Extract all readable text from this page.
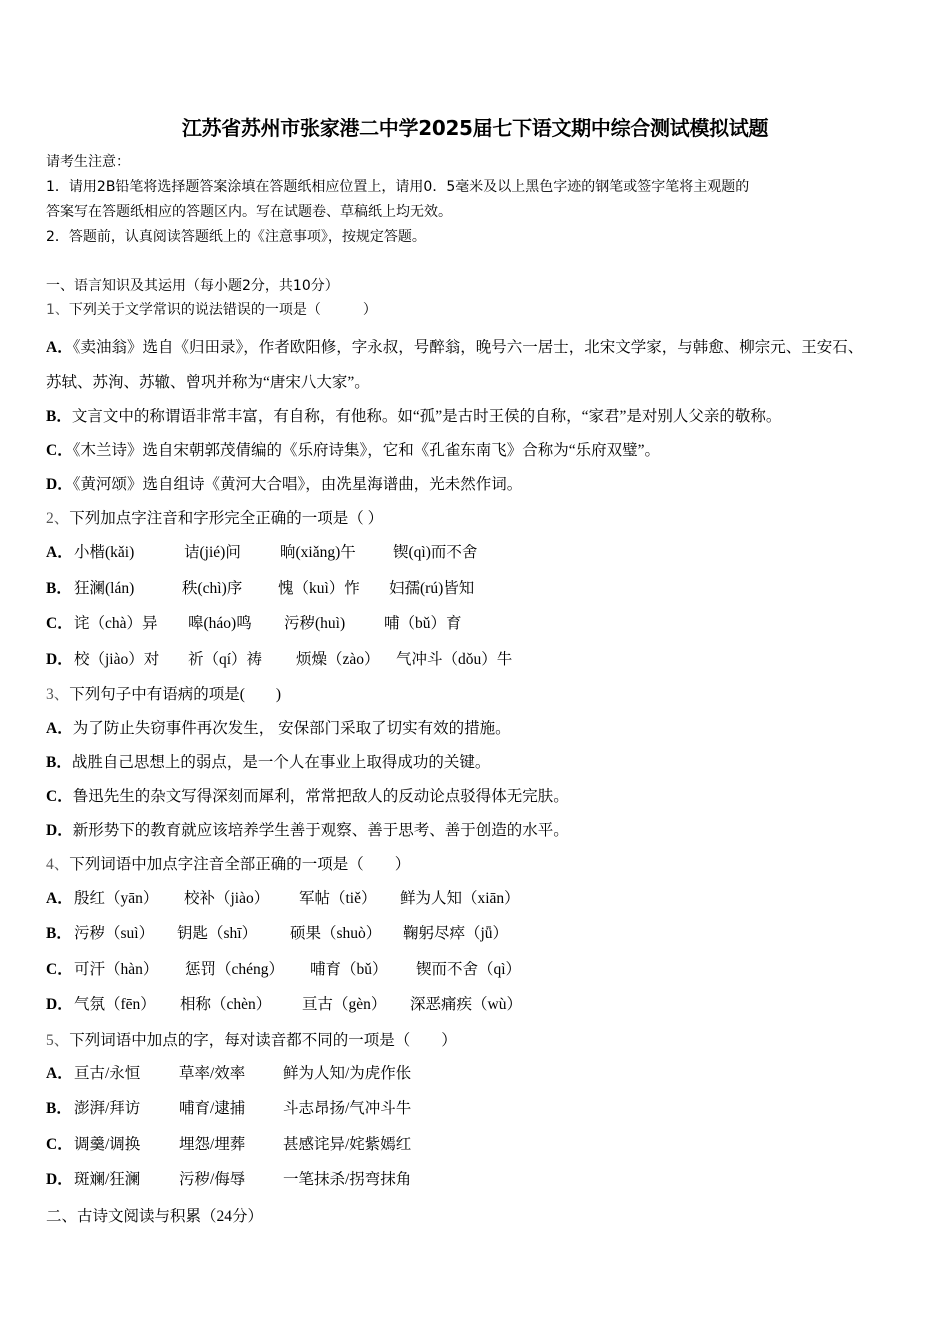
江苏省苏州市张家港二中学2025届七下语文期中综合测试模拟试题
请考生注意：
1．请用2B铅笔将选择题答案涂填在答题纸相应位置上，请用0．5毫米及以上黑色字迹的钢笔或签字笔将主观题的
答案写在答题纸相应的答题区内。写在试题卷、草稿纸上均无效。
2．答题前，认真阅读答题纸上的《注意事项》，按规定答题。
一、语言知识及其运用（每小题2分，共10分）
1、下列关于文学常识的说法错误的一项是（　　　）
A．《卖油翁》选自《归田录》，作者欧阳修，字永叔，号醉翁，晚号六一居士，北宋文学家，与韩愈、柳宗元、王安石、
苏轼、苏洵、苏辙、曾巩并称为“唐宋八大家”。
B．文言文中的称谓语非常丰富，有自称，有他称。如“孤”是古时王侯的自称，“家君”是对别人父亲的敬称。
C．《木兰诗》选自宋朝郭茂倩编的《乐府诗集》，它和《孔雀东南飞》合称为“乐府双璧”。
D．《黄河颂》选自组诗《黄河大合唱》，由冼星海谱曲，光未然作词。
2、下列加点字注音和字形完全正确的一项是（ ）
A． 小楷(kǎi)	诘(jié)问	晌(xiǎng)午 锲(qì)而不舍
B． 狂澜(lán)	秩(chì)序 愧（kuì）怍 妇孺(rú)皆知
C． 诧（chà）异 嗥(háo)鸣 污秽(huì)	哺（bǔ）育
D． 校（jiào）对 祈（qí）祷 烦燥（zào） 气冲斗（dǒu）牛
3、下列句子中有语病的项是(　　)
A．为了防止失窃事件再次发生， 安保部门采取了切实有效的措施。
B．战胜自己思想上的弱点，是一个人在事业上取得成功的关键。
C．鲁迅先生的杂文写得深刻而犀利，常常把敌人的反动论点驳得体无完肤。
D．新形势下的教育就应该培养学生善于观察、善于思考、善于创造的水平。
4、下列词语中加点字注音全部正确的一项是（　　）
A． 殷红（yān） 校补（jiào） 军帖（tiě） 鲜为人知（xiān）
B． 污秽（suì） 钥匙（shī） 硕果（shuò） 鞠躬尽瘁（jǖ）
C． 可汗（hàn） 惩罚（chéng） 哺育（bǔ） 锲而不舍（qì）
D． 气氛（fēn） 相称（chèn） 亘古（gèn） 深恶痛疾（wù）
5、下列词语中加点的字，每对读音都不同的一项是（　　）
A． 亘古/永恒 草率/效率 鲜为人知/为虎作伥
B． 澎湃/拜访 哺育/逮捕 斗志昂扬/气冲斗牛
C． 调羹/调换 埋怨/埋葬 甚感诧异/姹紫嫣红
D． 斑斓/狂澜 污秽/侮辱 一笔抹杀/拐弯抹角
二、古诗文阅读与积累（24分）
